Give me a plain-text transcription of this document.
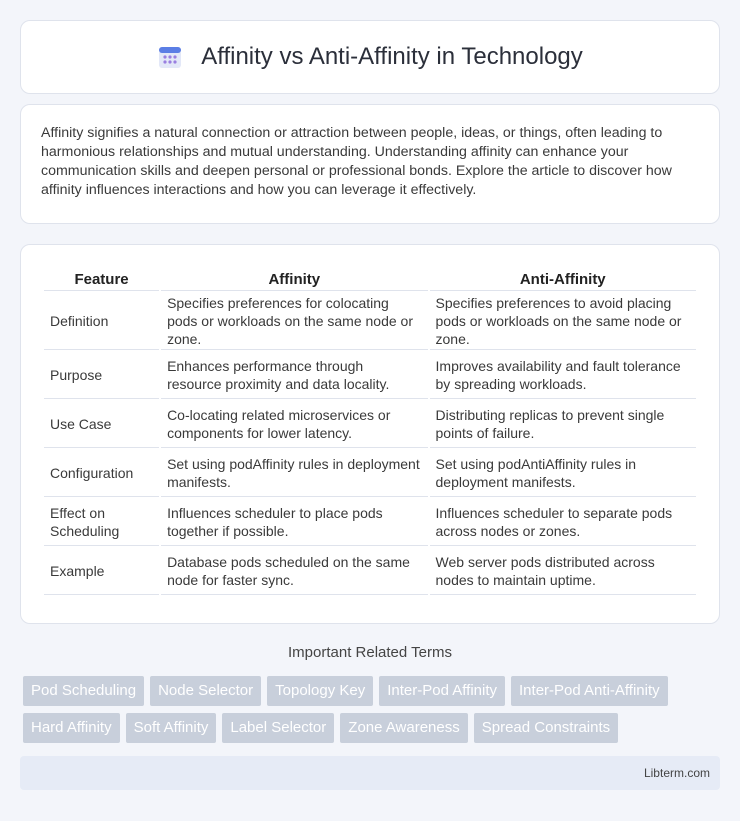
Affinity vs Anti-Affinity in Technology

Affinity signifies a natural connection or attraction between people, ideas, or things, often leading to harmonious relationships and mutual understanding. Understanding affinity can enhance your communication skills and deepen personal or professional bonds. Explore the article to discover how affinity influences interactions and how you can leverage it effectively.

Feature	Affinity	Anti-Affinity
Definition	Specifies preferences for colocating pods or workloads on the same node or zone.	Specifies preferences to avoid placing pods or workloads on the same node or zone.
Purpose	Enhances performance through resource proximity and data locality.	Improves availability and fault tolerance by spreading workloads.
Use Case	Co-locating related microservices or components for lower latency.	Distributing replicas to prevent single points of failure.
Configuration	Set using podAffinity rules in deployment manifests.	Set using podAntiAffinity rules in deployment manifests.
Effect on Scheduling	Influences scheduler to place pods together if possible.	Influences scheduler to separate pods across nodes or zones.
Example	Database pods scheduled on the same node for faster sync.	Web server pods distributed across nodes to maintain uptime.
Important Related Terms
Pod Scheduling	Node Selector	Topology Key	Inter-Pod Affinity	Inter-Pod Anti-Affinity
Hard Affinity	Soft Affinity	Label Selector	Zone Awareness	Spread Constraints
Libterm.com
